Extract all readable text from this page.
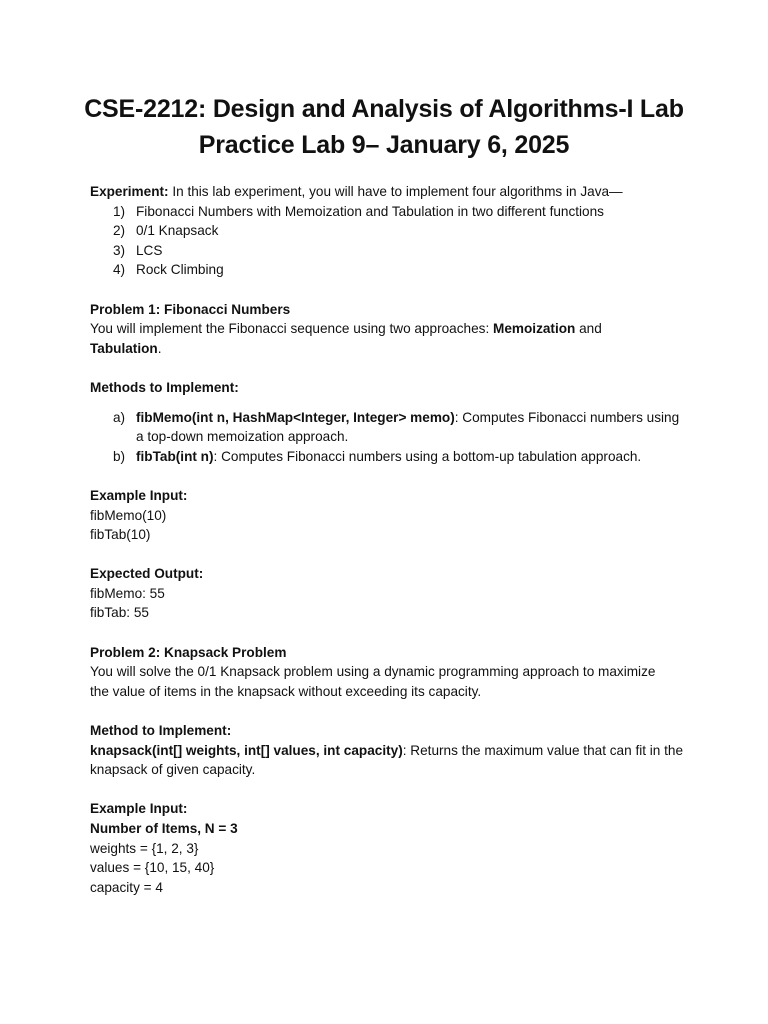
CSE-2212: Design and Analysis of Algorithms-I Lab
Practice Lab 9– January 6, 2025
Experiment: In this lab experiment, you will have to implement four algorithms in Java—
1) Fibonacci Numbers with Memoization and Tabulation in two different functions
2) 0/1 Knapsack
3) LCS
4) Rock Climbing
Problem 1: Fibonacci Numbers
You will implement the Fibonacci sequence using two approaches: Memoization and
Tabulation.
Methods to Implement:
a) fibMemo(int n, HashMap<Integer, Integer> memo): Computes Fibonacci numbers using
a top-down memoization approach.
b) fibTab(int n): Computes Fibonacci numbers using a bottom-up tabulation approach.
Example Input:
fibMemo(10)
fibTab(10)
Expected Output:
fibMemo: 55
fibTab: 55
Problem 2: Knapsack Problem
You will solve the 0/1 Knapsack problem using a dynamic programming approach to maximize
the value of items in the knapsack without exceeding its capacity.
Method to Implement:
knapsack(int[] weights, int[] values, int capacity): Returns the maximum value that can fit in the
knapsack of given capacity.
Example Input:
Number of Items, N = 3
weights = {1, 2, 3}
values = {10, 15, 40}
capacity = 4
